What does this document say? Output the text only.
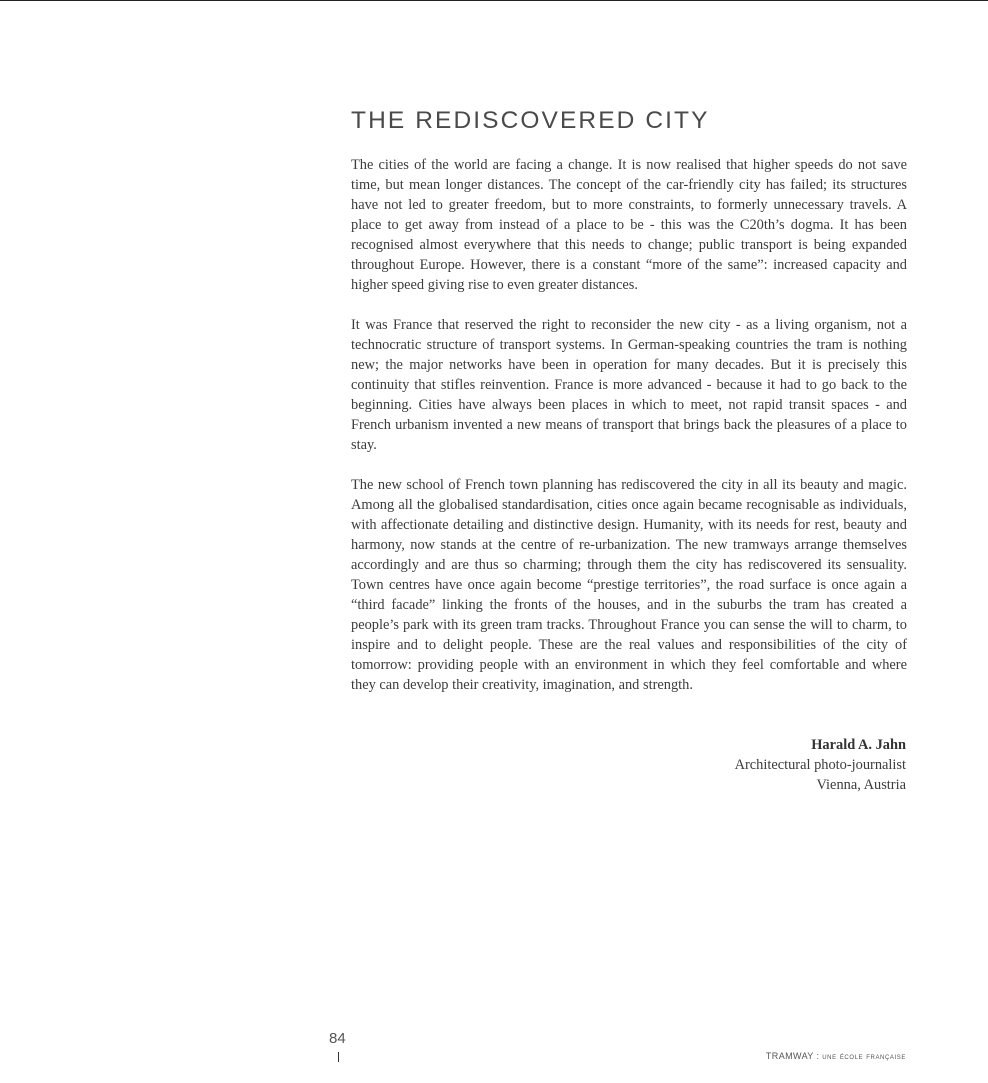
THE REDISCOVERED CITY

The cities of the world are facing a change. It is now realised that higher speeds do not save time, but mean longer distances. The concept of the car-friendly city has failed; its structures have not led to greater freedom, but to more constraints, to formerly unnecessary travels. A place to get away from instead of a place to be - this was the C20th’s dogma. It has been recognised almost everywhere that this needs to change; public transport is being expanded throughout Europe. However, there is a constant “more of the same”: increased capacity and higher speed giving rise to even greater distances.

It was France that reserved the right to reconsider the new city - as a living organism, not a technocratic structure of transport systems. In German-speaking countries the tram is nothing new; the major networks have been in operation for many decades. But it is precisely this continuity that stifles reinvention. France is more advanced - because it had to go back to the beginning. Cities have always been places in which to meet, not rapid transit spaces - and French urbanism invented a new means of transport that brings back the pleasures of a place to stay.

The new school of French town planning has rediscovered the city in all its beauty and magic. Among all the globalised standardisation, cities once again became recognisable as individuals, with affectionate detailing and distinctive design. Humanity, with its needs for rest, beauty and harmony, now stands at the centre of re-urbanization. The new tramways arrange themselves accordingly and are thus so charming; through them the city has rediscovered its sensuality. Town centres have once again become “prestige territories”, the road surface is once again a “third facade” linking the fronts of the houses, and in the suburbs the tram has created a people’s park with its green tram tracks. Throughout France you can sense the will to charm, to inspire and to delight people. These are the real values and responsibilities of the city of tomorrow: providing people with an environment in which they feel comfortable and where they can develop their creativity, imagination, and strength.

Harald A. Jahn
Architectural photo-journalist
Vienna, Austria
84
TRAMWAY : une école française
